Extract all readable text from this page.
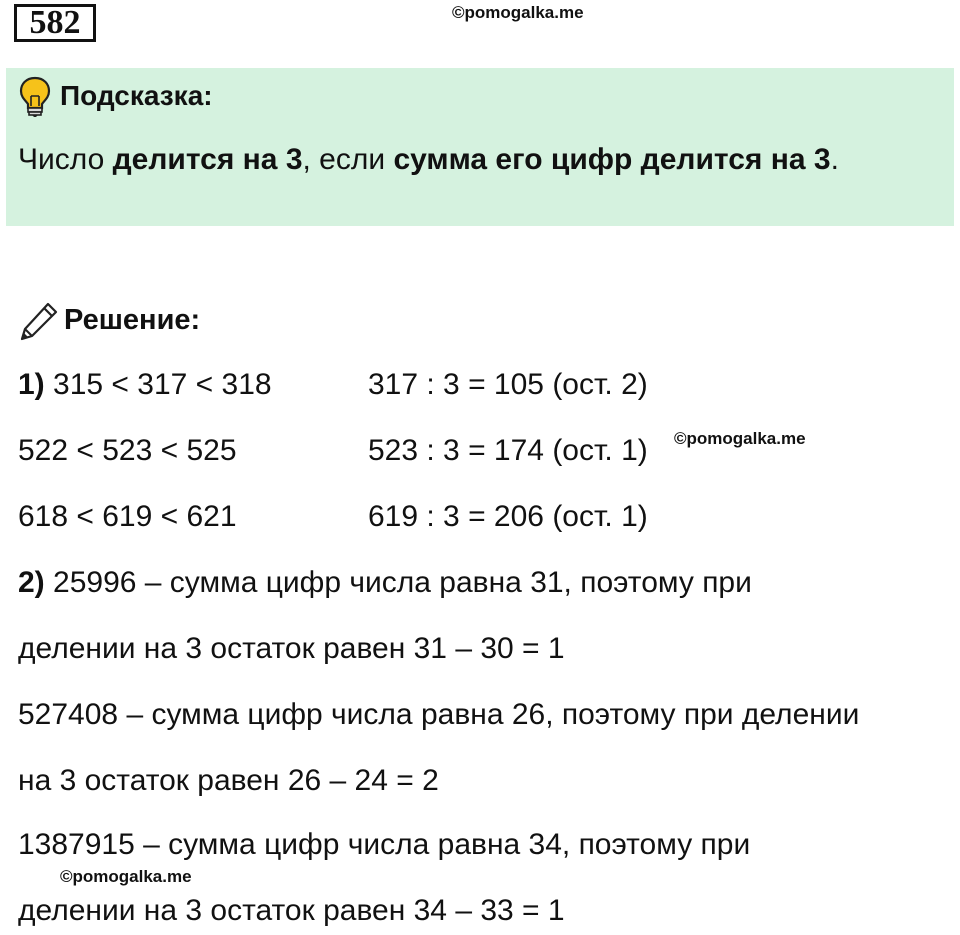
582	©pomogalka.me
Подсказка:
Число делится на 3, если сумма его цифр делится на 3.
Решение:
1) 315 < 317 < 318	317 : 3 = 105 (ост. 2)
522 < 523 < 525	523 : 3 = 174 (ост. 1) ©pomogalka.me
618 < 619 < 621	619 : 3 = 206 (ост. 1)
2) 25996 – сумма цифр числа равна 31, поэтому при
делении на 3 остаток равен 31 – 30 = 1
527408 – сумма цифр числа равна 26, поэтому при делении
на 3 остаток равен 26 – 24 = 2
1387915 – сумма цифр числа равна 34, поэтому при
©pomogalka.me
делении на 3 остаток равен 34 – 33 = 1
